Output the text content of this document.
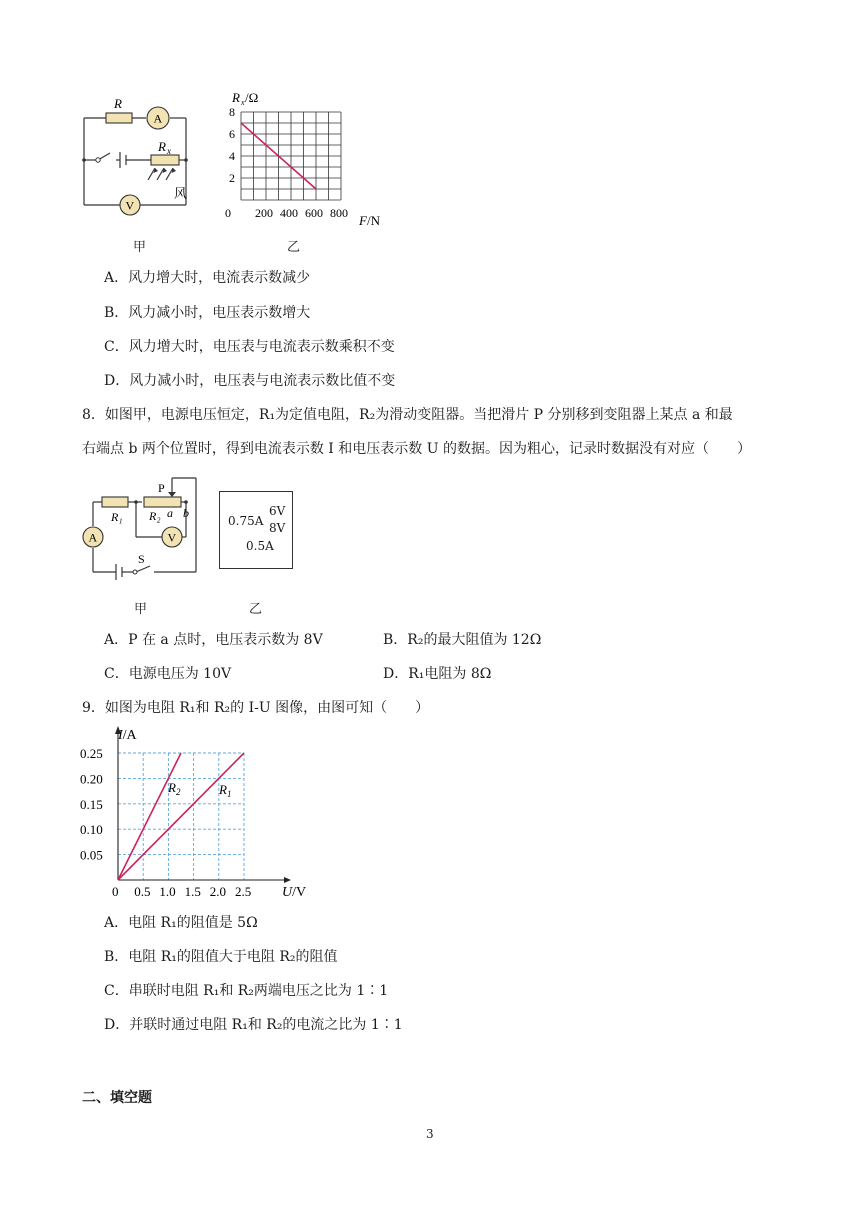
R
A
R x
风
V
2
4
6
8
0 200 400 600 800
R x /Ω
F /N
甲	乙
A．风力增大时，电流表示数减少
B．风力减小时，电压表示数增大
C．风力增大时，电压表与电流表示数乘积不变
D．风力减小时，电压表与电流表示数比值不变
8．如图甲，电源电压恒定，R₁为定值电阻，R₂为滑动变阻器。当把滑片 P 分别移到变阻器上某点 a 和最
右端点 b 两个位置时，得到电流表示数 I 和电压表示数 U 的数据。因为粗心，记录时数据没有对应（　　）
P
R₁ R₂ a b
A	V
S
0.75A
6V
8V
0.5A
甲	乙
A．P 在 a 点时，电压表示数为 8V	B．R₂的最大阻值为 12Ω
C．电源电压为 10V	D．R₁电阻为 8Ω
9．如图为电阻 R₁和 R₂的 I-U 图像，由图可知（　　）
0.05
0.10
0.15
0.20
0.25
0 0.5 1.0 1.5 2.0 2.5
I/A
U/V
$R_2$	$R_1$
A．电阻 R₁的阻值是 5Ω
B．电阻 R₁的阻值大于电阻 R₂的阻值
C．串联时电阻 R₁和 R₂两端电压之比为 1∶1
D．并联时通过电阻 R₁和 R₂的电流之比为 1∶1
二、填空题
3
